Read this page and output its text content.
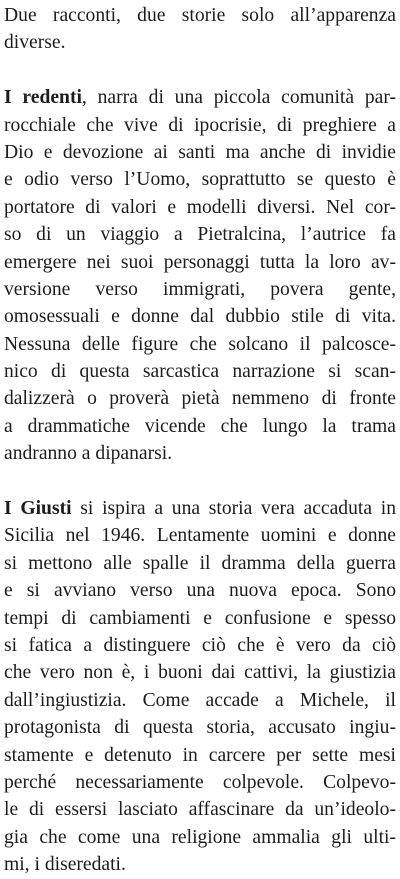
Due racconti, due storie solo all’apparenza
diverse.
I redenti, narra di una piccola comunità par-
rocchiale che vive di ipocrisie, di preghiere a
Dio e devozione ai santi ma anche di invidie
e odio verso l’Uomo, soprattutto se questo è
portatore di valori e modelli diversi. Nel cor-
so di un viaggio a Pietralcina, l’autrice fa
emergere nei suoi personaggi tutta la loro av-
versione verso immigrati, povera gente,
omosessuali e donne dal dubbio stile di vita.
Nessuna delle figure che solcano il palcosce-
nico di questa sarcastica narrazione si scan-
dalizzerà o proverà pietà nemmeno di fronte
a drammatiche vicende che lungo la trama
andranno a dipanarsi.
I Giusti si ispira a una storia vera accaduta in
Sicilia nel 1946. Lentamente uomini e donne
si mettono alle spalle il dramma della guerra
e si avviano verso una nuova epoca. Sono
tempi di cambiamenti e confusione e spesso
si fatica a distinguere ciò che è vero da ciò
che vero non è, i buoni dai cattivi, la giustizia
dall’ingiustizia. Come accade a Michele, il
protagonista di questa storia, accusato ingiu-
stamente e detenuto in carcere per sette mesi
perché necessariamente colpevole. Colpevo-
le di essersi lasciato affascinare da un’ideolo-
gia che come una religione ammalia gli ulti-
mi, i diseredati.
